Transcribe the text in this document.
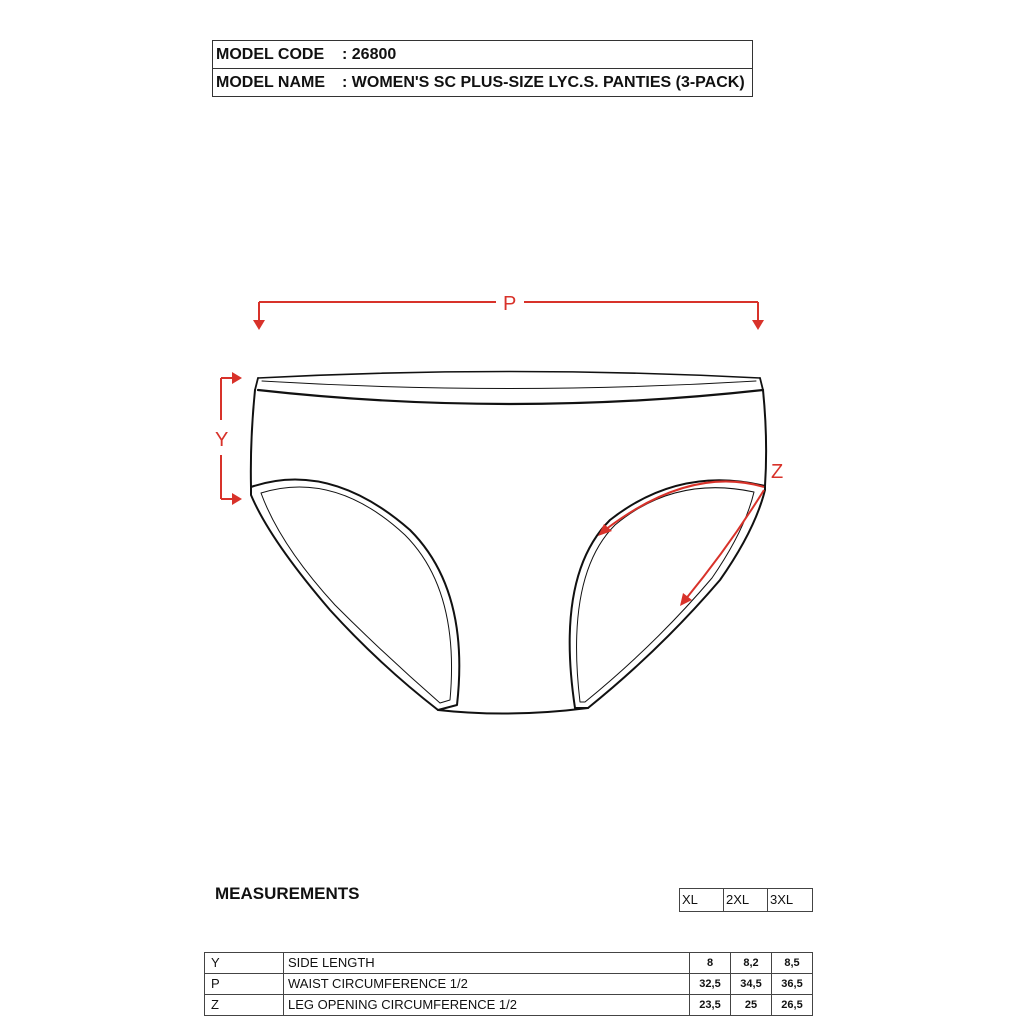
MODEL CODE	: 26800
MODEL NAME	: WOMEN'S SC PLUS-SIZE LYC.S. PANTIES (3-PACK)
P
Y
Z
MEASUREMENTS	XL	2XL	3XL
Y	SIDE LENGTH	8	8,2	8,5
P	WAIST CIRCUMFERENCE 1/2	32,5	34,5	36,5
Z	LEG OPENING CIRCUMFERENCE 1/2	23,5	25	26,5
